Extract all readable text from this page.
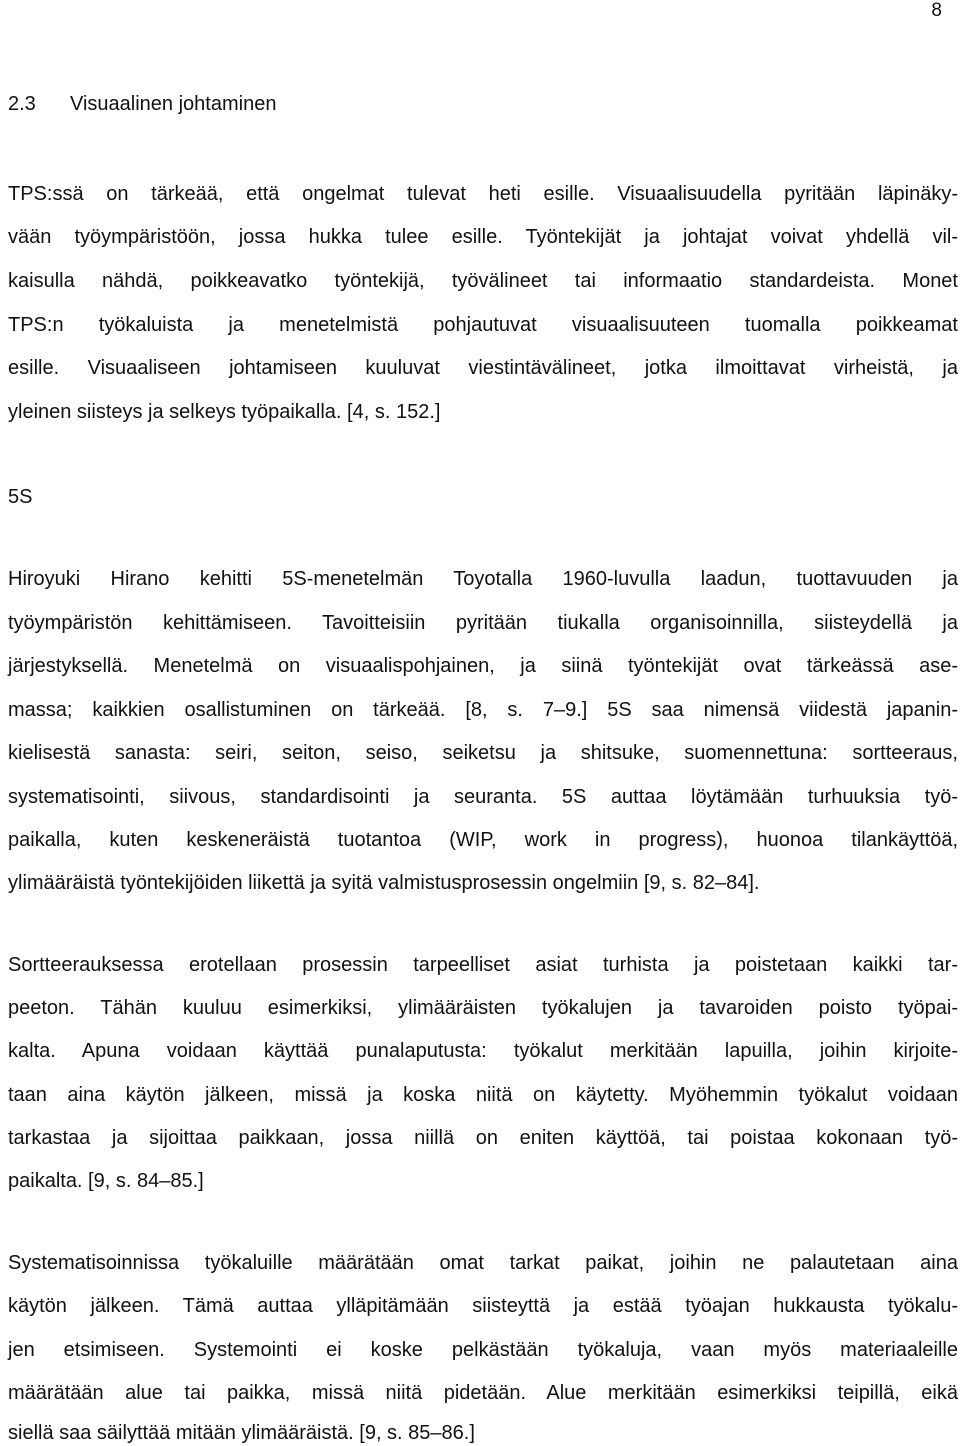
8
2.3 Visuaalinen johtaminen
TPS:ssä on tärkeää, että ongelmat tulevat heti esille. Visuaalisuudella pyritään läpinäky-
vään työympäristöön, jossa hukka tulee esille. Työntekijät ja johtajat voivat yhdellä vil-
kaisulla nähdä, poikkeavatko työntekijä, työvälineet tai informaatio standardeista. Monet
TPS:n työkaluista ja menetelmistä pohjautuvat visuaalisuuteen tuomalla poikkeamat
esille. Visuaaliseen johtamiseen kuuluvat viestintävälineet, jotka ilmoittavat virheistä, ja
yleinen siisteys ja selkeys työpaikalla. [4, s. 152.]
5S
Hiroyuki Hirano kehitti 5S-menetelmän Toyotalla 1960-luvulla laadun, tuottavuuden ja
työympäristön kehittämiseen. Tavoitteisiin pyritään tiukalla organisoinnilla, siisteydellä ja
järjestyksellä. Menetelmä on visuaalispohjainen, ja siinä työntekijät ovat tärkeässä ase-
massa; kaikkien osallistuminen on tärkeää. [8, s. 7–9.] 5S saa nimensä viidestä japanin-
kielisestä sanasta: seiri, seiton, seiso, seiketsu ja shitsuke, suomennettuna: sortteeraus,
systematisointi, siivous, standardisointi ja seuranta. 5S auttaa löytämään turhuuksia työ-
paikalla, kuten keskeneräistä tuotantoa (WIP, work in progress), huonoa tilankäyttöä,
ylimääräistä työntekijöiden liikettä ja syitä valmistusprosessin ongelmiin [9, s. 82–84].
Sortteerauksessa erotellaan prosessin tarpeelliset asiat turhista ja poistetaan kaikki tar-
peeton. Tähän kuuluu esimerkiksi, ylimääräisten työkalujen ja tavaroiden poisto työpai-
kalta. Apuna voidaan käyttää punalaputusta: työkalut merkitään lapuilla, joihin kirjoite-
taan aina käytön jälkeen, missä ja koska niitä on käytetty. Myöhemmin työkalut voidaan
tarkastaa ja sijoittaa paikkaan, jossa niillä on eniten käyttöä, tai poistaa kokonaan työ-
paikalta. [9, s. 84–85.]
Systematisoinnissa työkaluille määrätään omat tarkat paikat, joihin ne palautetaan aina
käytön jälkeen. Tämä auttaa ylläpitämään siisteyttä ja estää työajan hukkausta työkalu-
jen etsimiseen. Systemointi ei koske pelkästään työkaluja, vaan myös materiaaleille
määrätään alue tai paikka, missä niitä pidetään. Alue merkitään esimerkiksi teipillä, eikä
siellä saa säilyttää mitään ylimääräistä. [9, s. 85–86.]
